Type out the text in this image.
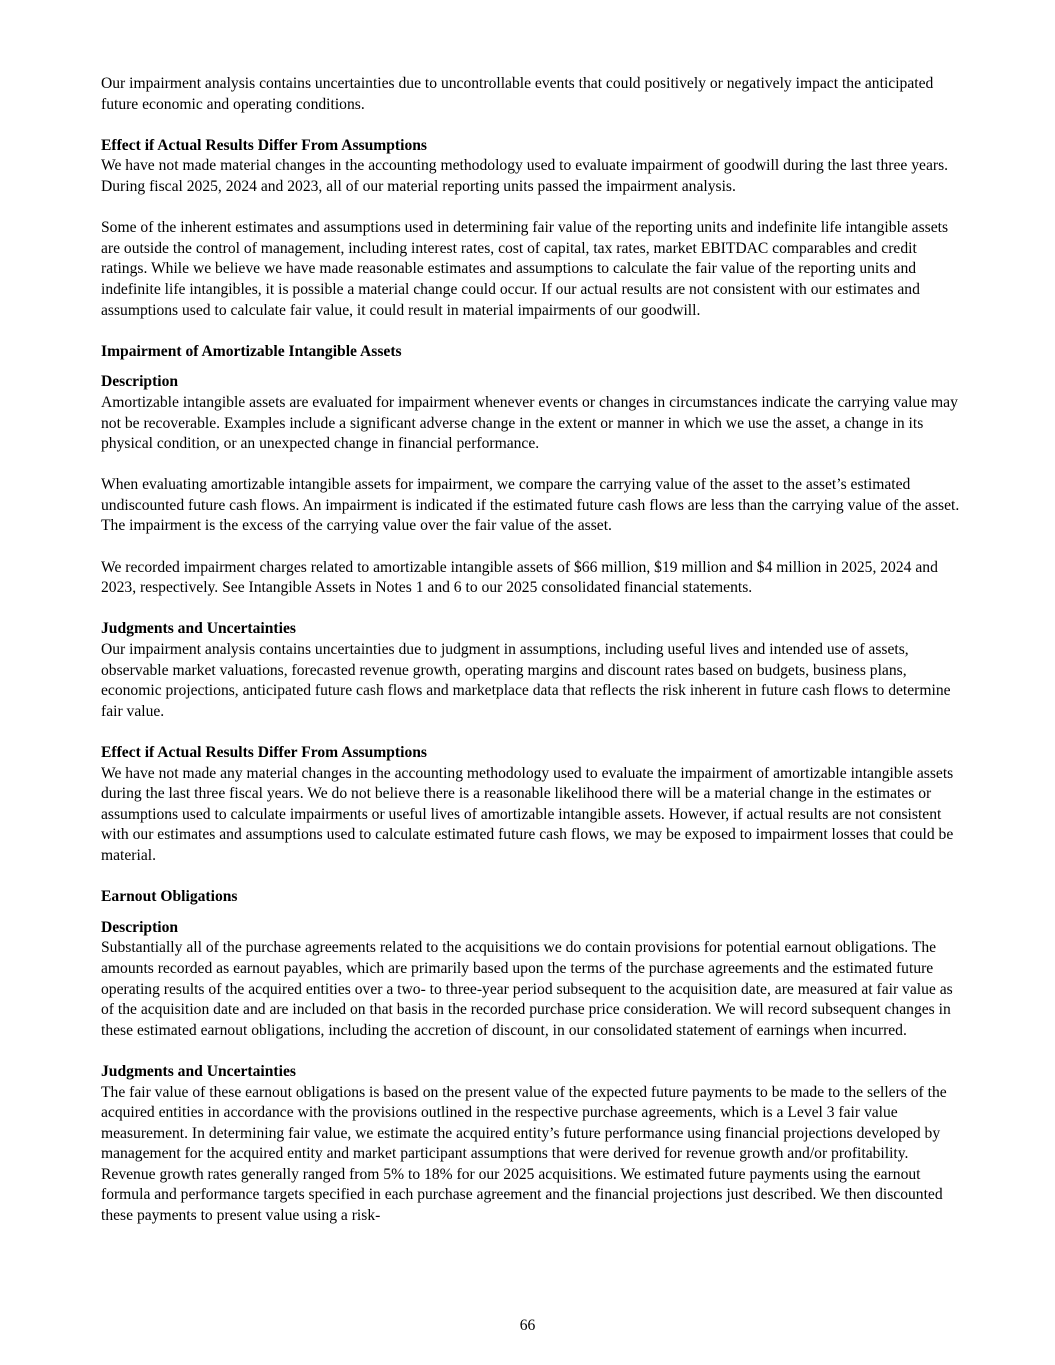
Our impairment analysis contains uncertainties due to uncontrollable events that could positively or negatively impact the anticipated future economic and operating conditions.

Effect if Actual Results Differ From Assumptions
We have not made material changes in the accounting methodology used to evaluate impairment of goodwill during the last three years. During fiscal 2025, 2024 and 2023, all of our material reporting units passed the impairment analysis.

Some of the inherent estimates and assumptions used in determining fair value of the reporting units and indefinite life intangible assets are outside the control of management, including interest rates, cost of capital, tax rates, market EBITDAC comparables and credit ratings. While we believe we have made reasonable estimates and assumptions to calculate the fair value of the reporting units and indefinite life intangibles, it is possible a material change could occur. If our actual results are not consistent with our estimates and assumptions used to calculate fair value, it could result in material impairments of our goodwill.

Impairment of Amortizable Intangible Assets

Description
Amortizable intangible assets are evaluated for impairment whenever events or changes in circumstances indicate the carrying value may not be recoverable. Examples include a significant adverse change in the extent or manner in which we use the asset, a change in its physical condition, or an unexpected change in financial performance.

When evaluating amortizable intangible assets for impairment, we compare the carrying value of the asset to the asset’s estimated undiscounted future cash flows. An impairment is indicated if the estimated future cash flows are less than the carrying value of the asset. The impairment is the excess of the carrying value over the fair value of the asset.

We recorded impairment charges related to amortizable intangible assets of $66 million, $19 million and $4 million in 2025, 2024 and 2023, respectively. See Intangible Assets in Notes 1 and 6 to our 2025 consolidated financial statements.

Judgments and Uncertainties
Our impairment analysis contains uncertainties due to judgment in assumptions, including useful lives and intended use of assets, observable market valuations, forecasted revenue growth, operating margins and discount rates based on budgets, business plans, economic projections, anticipated future cash flows and marketplace data that reflects the risk inherent in future cash flows to determine fair value.

Effect if Actual Results Differ From Assumptions
We have not made any material changes in the accounting methodology used to evaluate the impairment of amortizable intangible assets during the last three fiscal years. We do not believe there is a reasonable likelihood there will be a material change in the estimates or assumptions used to calculate impairments or useful lives of amortizable intangible assets. However, if actual results are not consistent with our estimates and assumptions used to calculate estimated future cash flows, we may be exposed to impairment losses that could be material.

Earnout Obligations

Description
Substantially all of the purchase agreements related to the acquisitions we do contain provisions for potential earnout obligations. The amounts recorded as earnout payables, which are primarily based upon the terms of the purchase agreements and the estimated future operating results of the acquired entities over a two- to three-year period subsequent to the acquisition date, are measured at fair value as of the acquisition date and are included on that basis in the recorded purchase price consideration. We will record subsequent changes in these estimated earnout obligations, including the accretion of discount, in our consolidated statement of earnings when incurred.

Judgments and Uncertainties
The fair value of these earnout obligations is based on the present value of the expected future payments to be made to the sellers of the acquired entities in accordance with the provisions outlined in the respective purchase agreements, which is a Level 3 fair value measurement. In determining fair value, we estimate the acquired entity’s future performance using financial projections developed by management for the acquired entity and market participant assumptions that were derived for revenue growth and/or profitability. Revenue growth rates generally ranged from 5% to 18% for our 2025 acquisitions. We estimated future payments using the earnout formula and performance targets specified in each purchase agreement and the financial projections just described. We then discounted these payments to present value using a risk-

66
